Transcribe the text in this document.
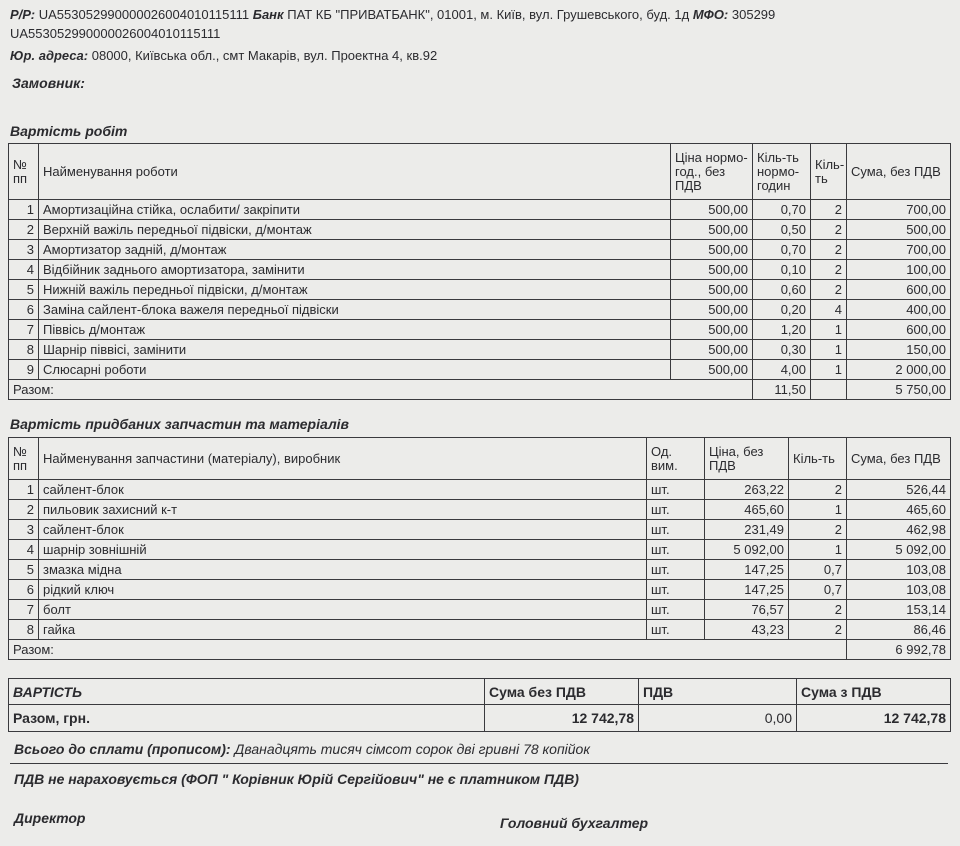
Р/Р: UA553052990000026004010115111 Банк ПАТ КБ "ПРИВАТБАНК", 01001, м. Київ, вул. Грушевського, буд. 1д МФО: 305299
UA553052990000026004010115111
Юр. адреса: 08000, Київська обл., смт Макарів, вул. Проектна 4, кв.92
Замовник:
Вартість робіт
№ пп	Найменування роботи	Ціна нормо-год., без ПДВ	Кіль-ть нормо-годин	Кіль-ть	Сума, без ПДВ
1	Амортизаційна стійка, ослабити/ закріпити	500,00	0,70	2	700,00
2	Верхній важіль передньої підвіски, д/монтаж	500,00	0,50	2	500,00
3	Амортизатор задній, д/монтаж	500,00	0,70	2	700,00
4	Відбійник заднього амортизатора, замінити	500,00	0,10	2	100,00
5	Нижній важіль передньої підвіски, д/монтаж	500,00	0,60	2	600,00
6	Заміна сайлент-блока важеля передньої підвіски	500,00	0,20	4	400,00
7	Піввісь д/монтаж	500,00	1,20	1	600,00
8	Шарнір піввісі, замінити	500,00	0,30	1	150,00
9	Слюсарні роботи	500,00	4,00	1	2 000,00
Разом:			11,50		5 750,00
Вартість придбаних запчастин та матеріалів
№ пп	Найменування запчастини (матеріалу), виробник	Од. вим.	Ціна, без ПДВ	Кіль-ть	Сума, без ПДВ
1	сайлент-блок	шт.	263,22	2	526,44
2	пильовик захисний к-т	шт.	465,60	1	465,60
3	сайлент-блок	шт.	231,49	2	462,98
4	шарнір зовнішній	шт.	5 092,00	1	5 092,00
5	змазка мідна	шт.	147,25	0,7	103,08
6	рідкий ключ	шт.	147,25	0,7	103,08
7	болт	шт.	76,57	2	153,14
8	гайка	шт.	43,23	2	86,46
Разом:					6 992,78
ВАРТІСТЬ	Сума без ПДВ	ПДВ	Сума з ПДВ
Разом, грн.	12 742,78	0,00	12 742,78
Всього до сплати (прописом): Дванадцять тисяч сімсот сорок дві гривні 78 копійок
ПДВ не нараховується (ФОП " Корівник Юрій Сергійович" не є платником ПДВ)
Директор	Головний бухгалтер
